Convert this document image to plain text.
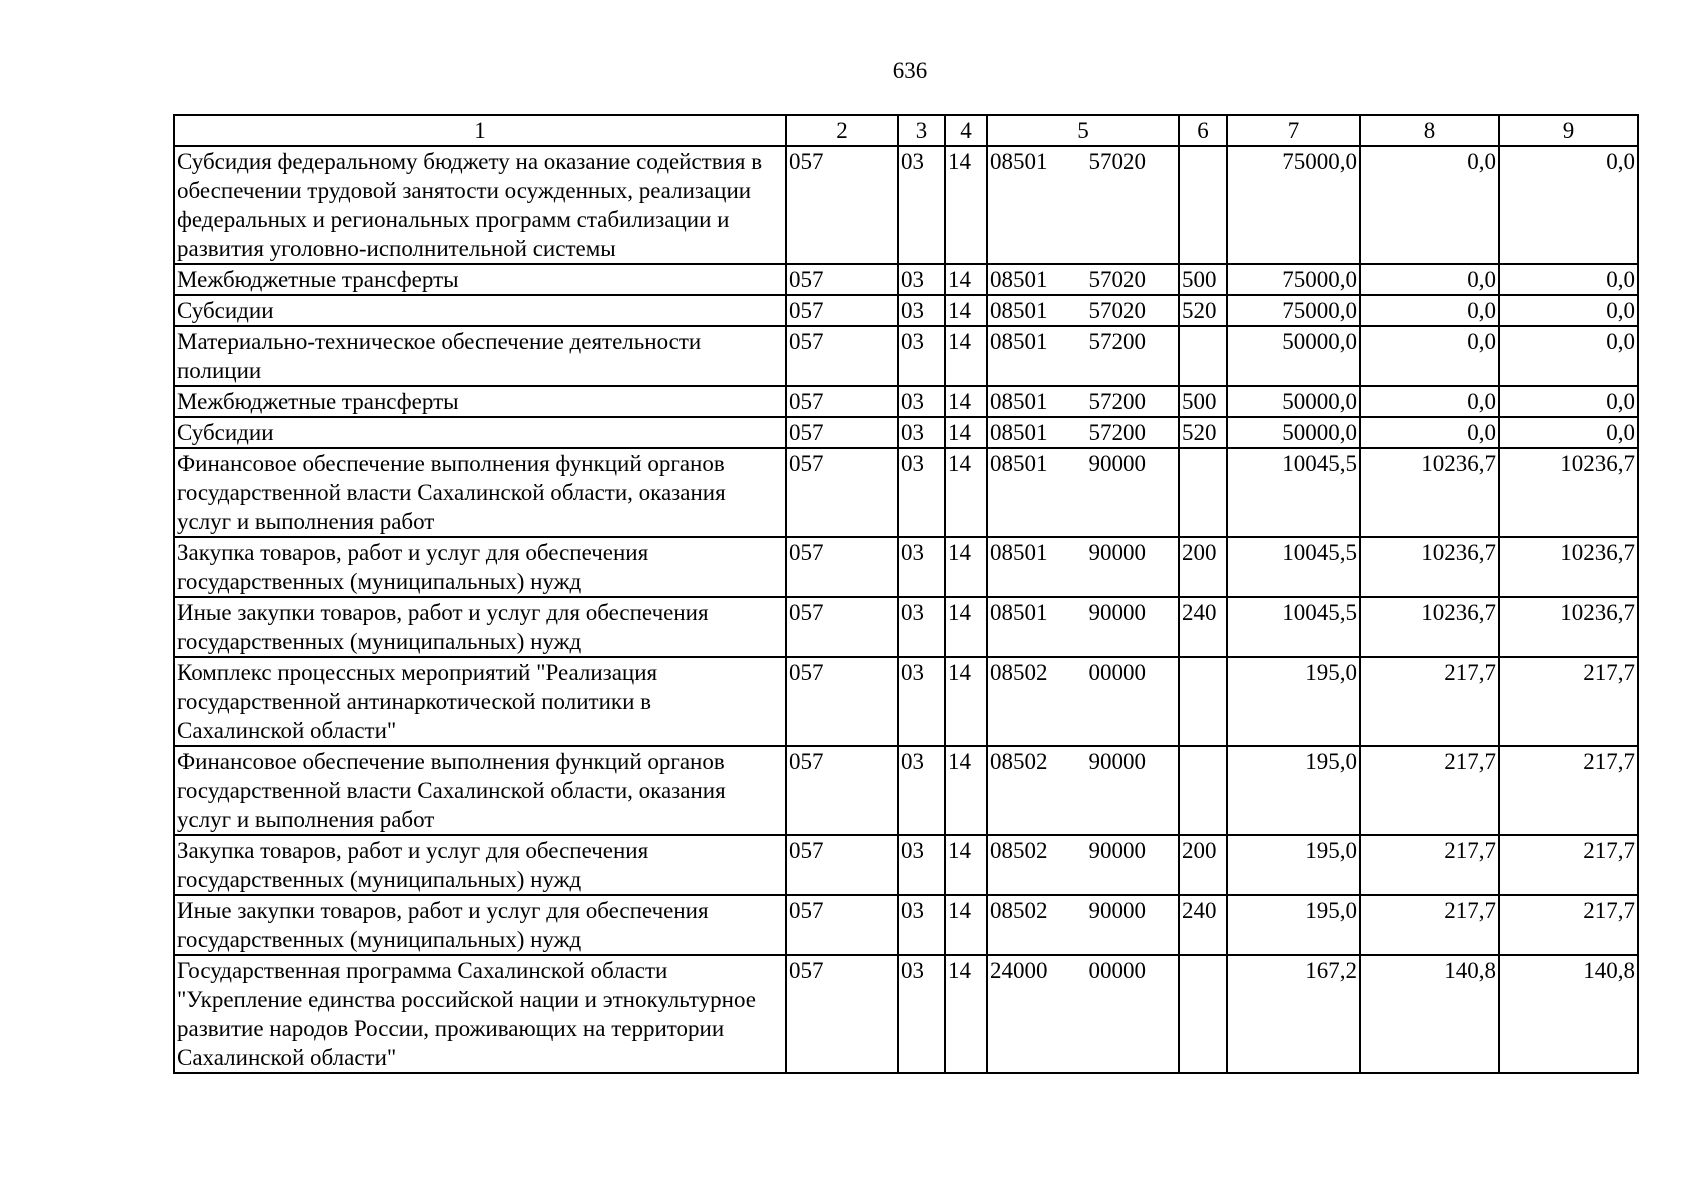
636
1	2	3	4	5	6	7	8	9
Субсидия федеральному бюджету на оказание содействия в обеспечении трудовой занятости осужденных, реализации федеральных и региональных программ стабилизации и развития уголовно-исполнительной системы	057	03	14	08501 57020		75000,0	0,0	0,0
Межбюджетные трансферты	057	03	14	08501 57020	500	75000,0	0,0	0,0
Субсидии	057	03	14	08501 57020	520	75000,0	0,0	0,0
Материально-техническое обеспечение деятельности полиции	057	03	14	08501 57200		50000,0	0,0	0,0
Межбюджетные трансферты	057	03	14	08501 57200	500	50000,0	0,0	0,0
Субсидии	057	03	14	08501 57200	520	50000,0	0,0	0,0
Финансовое обеспечение выполнения функций органов государственной власти Сахалинской области, оказания услуг и выполнения работ	057	03	14	08501 90000		10045,5	10236,7	10236,7
Закупка товаров, работ и услуг для обеспечения государственных (муниципальных) нужд	057	03	14	08501 90000	200	10045,5	10236,7	10236,7
Иные закупки товаров, работ и услуг для обеспечения государственных (муниципальных) нужд	057	03	14	08501 90000	240	10045,5	10236,7	10236,7
Комплекс процессных мероприятий "Реализация государственной антинаркотической политики в Сахалинской области"	057	03	14	08502 00000		195,0	217,7	217,7
Финансовое обеспечение выполнения функций органов государственной власти Сахалинской области, оказания услуг и выполнения работ	057	03	14	08502 90000		195,0	217,7	217,7
Закупка товаров, работ и услуг для обеспечения государственных (муниципальных) нужд	057	03	14	08502 90000	200	195,0	217,7	217,7
Иные закупки товаров, работ и услуг для обеспечения государственных (муниципальных) нужд	057	03	14	08502 90000	240	195,0	217,7	217,7
Государственная программа Сахалинской области "Укрепление единства российской нации и этнокультурное развитие народов России, проживающих на территории Сахалинской области"	057	03	14	24000 00000		167,2	140,8	140,8
